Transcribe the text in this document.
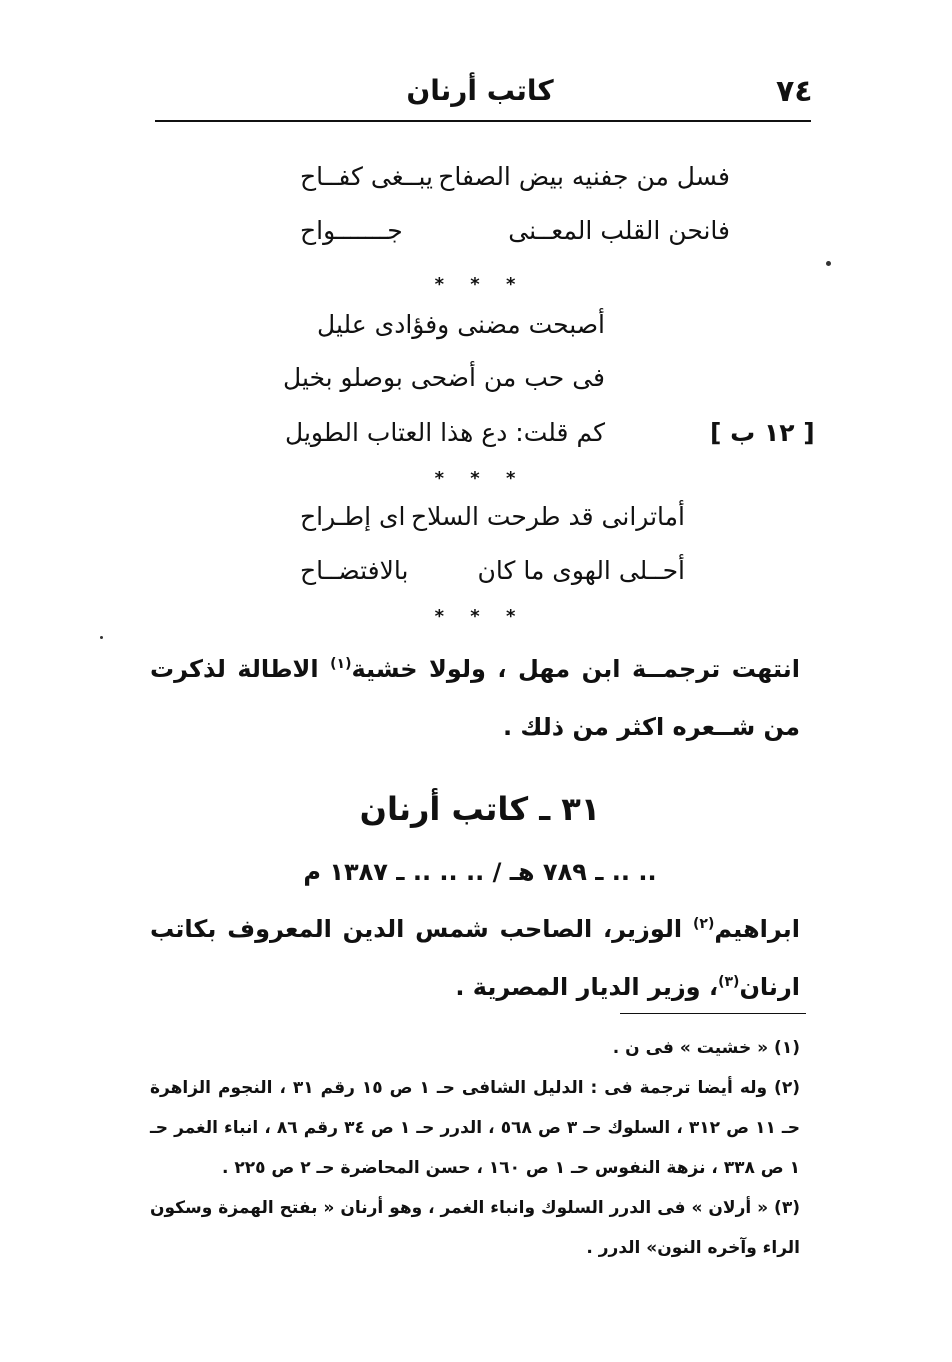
٧٤
كاتب أرنان
فسل من جفنيه بيض الصفاح
يبــغى كفــاح
فانحن القلب المعــنى
جـــــــواح
* * *
أصبحت مضنى وفؤادى عليل
فى حب من أضحى بوصلو بخيل
كم قلت: دع هذا العتاب الطويل	[ ١٢ ب ]
* * *
أماترانى قد طرحت السلاح
اى إطـراح
أحــلى الهوى ما كان
بالافتضــاح
* * *
انتهت ترجمــة ابن مهل ، ولولا خشية$^{(١)}$ الاطالة لذكرت من شــعره اكثر من ذلك .
٣١ ـ كاتب أرنان
.. .. ـ ٧٨٩ هـ / .. .. .. ـ ١٣٨٧ م
ابراهيم$^{(٢)}$ الوزير، الصاحب شمس الدين المعروف بكاتب ارنان$^{(٣)}$، وزير الديار المصرية .
(١) « خشيت » فى ن .
(٢) وله أيضا ترجمة فى : الدليل الشافى حـ ١ ص ١٥ رقم ٣١ ، النجوم الزاهرة حـ ١١ ص ٣١٢ ، السلوك حـ ٣ ص ٥٦٨ ، الدرر حـ ١ ص ٣٤ رقم ٨٦ ، انباء الغمر حـ ١ ص ٣٣٨ ، نزهة النفوس حـ ١ ص ١٦٠ ، حسن المحاضرة حـ ٢ ص ٢٢٥ .
(٣) « أرلان » فى الدرر السلوك وانباء الغمر ، وهو أرنان « بفتح الهمزة وسكون الراء وآخره النون» الدرر .
